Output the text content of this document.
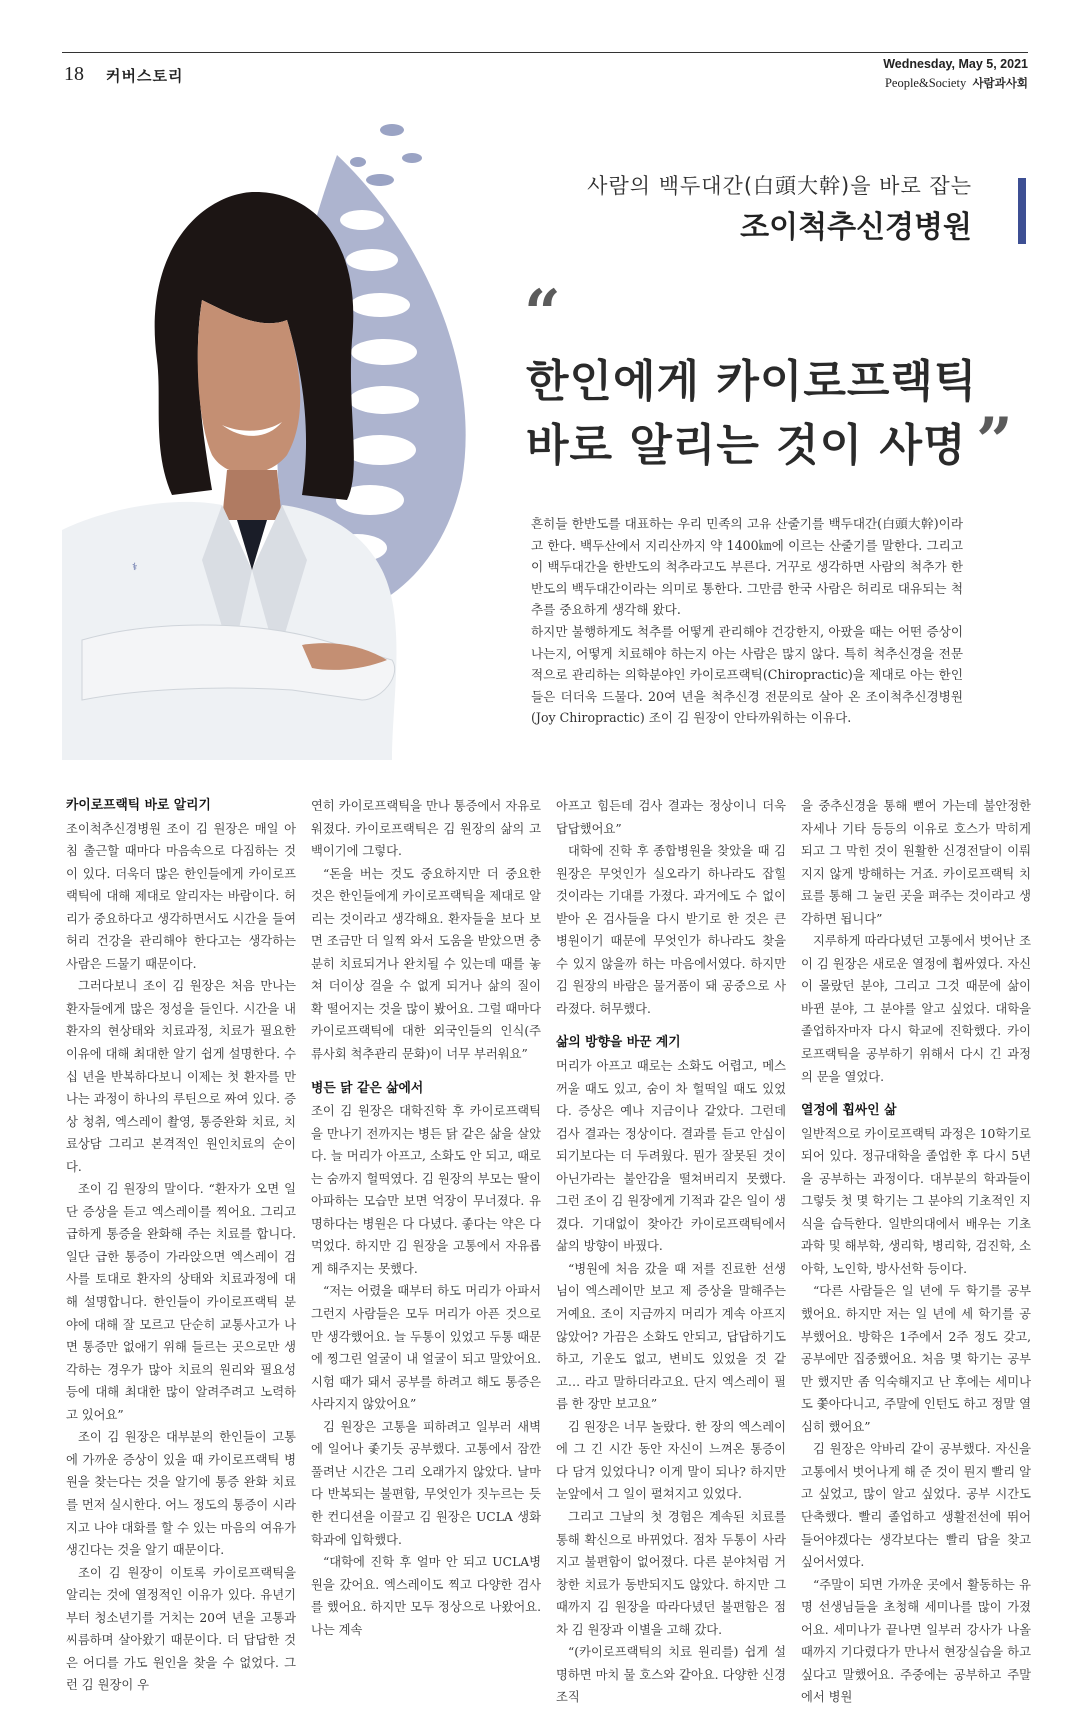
18 커버스토리
Wednesday, May 5, 2021
People&Society 사람과사회
⚕
사람의 백두대간(白頭大幹)을 바로 잡는
조이척추신경병원
“
한인에게 카이로프랙틱
바로 알리는 것이 사명 ”

흔히들 한반도를 대표하는 우리 민족의 고유 산줄기를 백두대간(白頭大幹)이라고 한다. 백두산에서 지리산까지 약 1400㎞에 이르는 산줄기를 말한다. 그리고 이 백두대간을 한반도의 척추라고도 부른다. 거꾸로 생각하면 사람의 척추가 한반도의 백두대간이라는 의미로 통한다. 그만큼 한국 사람은 허리로 대유되는 척추를 중요하게 생각해 왔다.

하지만 불행하게도 척추를 어떻게 관리해야 건강한지, 아팠을 때는 어떤 증상이 나는지, 어떻게 치료해야 하는지 아는 사람은 많지 않다. 특히 척추신경을 전문적으로 관리하는 의학분야인 카이로프랙틱(Chiropractic)을 제대로 아는 한인들은 더더욱 드물다. 20여 년을 척추신경 전문의로 살아 온 조이척추신경병원(Joy Chiropractic) 조이 김 원장이 안타까워하는 이유다.

카이로프랙틱 바로 알리기

조이척추신경병원 조이 김 원장은 매일 아침 출근할 때마다 마음속으로 다짐하는 것이 있다. 더욱더 많은 한인들에게 카이로프랙틱에 대해 제대로 알리자는 바람이다. 허리가 중요하다고 생각하면서도 시간을 들여 허리 건강을 관리해야 한다고는 생각하는 사람은 드물기 때문이다.

그러다보니 조이 김 원장은 처음 만나는 환자들에게 많은 정성을 들인다. 시간을 내 환자의 현상태와 치료과정, 치료가 필요한 이유에 대해 최대한 알기 쉽게 설명한다. 수 십 년을 반복하다보니 이제는 첫 환자를 만나는 과정이 하나의 루틴으로 짜여 있다. 증상 청취, 엑스레이 촬영, 통증완화 치료, 치료상담 그리고 본격적인 원인치료의 순이다.

조이 김 원장의 말이다. “환자가 오면 일단 증상을 듣고 엑스레이를 찍어요. 그리고 급하게 통증을 완화해 주는 치료를 합니다. 일단 급한 통증이 가라앉으면 엑스레이 검사를 토대로 환자의 상태와 치료과정에 대해 설명합니다. 한인들이 카이로프랙틱 분야에 대해 잘 모르고 단순히 교통사고가 나면 통증만 없애기 위해 들르는 곳으로만 생각하는 경우가 많아 치료의 원리와 필요성 등에 대해 최대한 많이 알려주려고 노력하고 있어요”

조이 김 원장은 대부분의 한인들이 고통에 가까운 증상이 있을 때 카이로프랙틱 병원을 찾는다는 것을 알기에 통증 완화 치료를 먼저 실시한다. 어느 정도의 통증이 시라지고 나야 대화를 할 수 있는 마음의 여유가 생긴다는 것을 알기 때문이다.

조이 김 원장이 이토록 카이로프랙틱을 알리는 것에 열정적인 이유가 있다. 유년기부터 청소년기를 거치는 20여 년을 고통과 씨름하며 살아왔기 때문이다. 더 답답한 것은 어디를 가도 원인을 찾을 수 없었다. 그런 김 원장이 우

연히 카이로프랙틱을 만나 통증에서 자유로워졌다. 카이로프랙틱은 김 원장의 삶의 고백이기에 그렇다.

“돈을 버는 것도 중요하지만 더 중요한 것은 한인들에게 카이로프랙틱을 제대로 알리는 것이라고 생각해요. 환자들을 보다 보면 조금만 더 일찍 와서 도움을 받았으면 충분히 치료되거나 완치될 수 있는데 때를 놓쳐 더이상 걸을 수 없게 되거나 삶의 질이 확 떨어지는 것을 많이 봤어요. 그럴 때마다 카이로프랙틱에 대한 외국인들의 인식(주류사회 척추관리 문화)이 너무 부러워요”

병든 닭 같은 삶에서

조이 김 원장은 대학진학 후 카이로프랙틱을 만나기 전까지는 병든 닭 같은 삶을 살았다. 늘 머리가 아프고, 소화도 안 되고, 때로는 숨까지 헐떡였다. 김 원장의 부모는 딸이 아파하는 모습만 보면 억장이 무너졌다. 유명하다는 병원은 다 다녔다. 좋다는 약은 다 먹었다. 하지만 김 원장을 고통에서 자유롭게 해주지는 못했다.

“저는 어렸을 때부터 하도 머리가 아파서 그런지 사람들은 모두 머리가 아픈 것으로만 생각했어요. 늘 두통이 있었고 두통 때문에 찡그린 얼굴이 내 얼굴이 되고 말았어요. 시험 때가 돼서 공부를 하려고 해도 통증은 사라지지 않았어요”

김 원장은 고통을 피하려고 일부러 새벽에 일어나 좇기듯 공부했다. 고통에서 잠깐 풀려난 시간은 그리 오래가지 않았다. 날마다 반복되는 불편함, 무엇인가 짓누르는 듯한 컨디션을 이끌고 김 원장은 UCLA 생화학과에 입학했다.

“대학에 진학 후 얼마 안 되고 UCLA병원을 갔어요. 엑스레이도 찍고 다양한 검사를 했어요. 하지만 모두 정상으로 나왔어요. 나는 계속

아프고 힘든데 검사 결과는 정상이니 더욱 답답했어요”

대학에 진학 후 종합병원을 찾았을 때 김 원장은 무엇인가 실오라기 하나라도 잡힐 것이라는 기대를 가졌다. 과거에도 수 없이 받아 온 검사들을 다시 받기로 한 것은 큰 병원이기 때문에 무엇인가 하나라도 찾을 수 있지 않을까 하는 마음에서였다. 하지만 김 원장의 바람은 물거품이 돼 공중으로 사라졌다. 허무했다.

삶의 방향을 바꾼 계기

머리가 아프고 때로는 소화도 어렵고, 메스꺼울 때도 있고, 숨이 차 헐떡일 때도 있었다. 증상은 예나 지금이나 같았다. 그런데 검사 결과는 정상이다. 결과를 듣고 안심이 되기보다는 더 두려웠다. 뭔가 잘못된 것이 아닌가라는 불안감을 떨쳐버리지 못했다. 그런 조이 김 원장에게 기적과 같은 일이 생겼다. 기대없이 찾아간 카이로프랙틱에서 삶의 방향이 바꿨다.

“병원에 처음 갔을 때 저를 진료한 선생님이 엑스레이만 보고 제 증상을 말해주는 거예요. 조이 지금까지 머리가 계속 아프지 않았어? 가끔은 소화도 안되고, 답답하기도 하고, 기운도 없고, 변비도 있었을 것 같고… 라고 말하더라고요. 단지 엑스레이 필름 한 장만 보고요”

김 원장은 너무 놀랐다. 한 장의 엑스레이에 그 긴 시간 동안 자신이 느껴온 통증이 다 담겨 있었다니? 이게 말이 되나? 하지만 눈앞에서 그 일이 펼쳐지고 있었다.

그리고 그날의 첫 경험은 계속된 치료를 통해 확신으로 바뀌었다. 점차 두통이 사라지고 불편함이 없어졌다. 다른 분야처럼 거창한 치료가 동반되지도 않았다. 하지만 그 때까지 김 원장을 따라다녔던 불편함은 점차 김 원장과 이별을 고해 갔다.

“(카이로프랙틱의 치료 원리를) 쉽게 설명하면 마치 물 호스와 같아요. 다양한 신경조직

을 중추신경을 통해 뻗어 가는데 불안정한 자세나 기타 등등의 이유로 호스가 막히게 되고 그 막힌 것이 원활한 신경전달이 이뤄지지 않게 방해하는 거죠. 카이로프랙틱 치료를 통해 그 눌린 곳을 펴주는 것이라고 생각하면 됩니다”

지루하게 따라다녔던 고통에서 벗어난 조이 김 원장은 새로운 열정에 휩싸였다. 자신이 몰랐던 분야, 그리고 그것 때문에 삶이 바뀐 분야, 그 분야를 알고 싶었다. 대학을 졸업하자마자 다시 학교에 진학했다. 카이로프랙틱을 공부하기 위해서 다시 긴 과정의 문을 열었다.

열정에 휩싸인 삶

일반적으로 카이로프랙틱 과정은 10학기로 되어 있다. 정규대학을 졸업한 후 다시 5년을 공부하는 과정이다. 대부분의 학과들이 그렇듯 첫 몇 학기는 그 분야의 기초적인 지식을 습득한다. 일반의대에서 배우는 기초과학 및 해부학, 생리학, 병리학, 검진학, 소아학, 노인학, 방사선학 등이다.

“다른 사람들은 일 년에 두 학기를 공부했어요. 하지만 저는 일 년에 세 학기를 공부했어요. 방학은 1주에서 2주 정도 갖고, 공부에만 집중했어요. 처음 몇 학기는 공부만 했지만 좀 익숙해지고 난 후에는 세미나도 쫓아다니고, 주말에 인턴도 하고 정말 열심히 했어요”

김 원장은 악바리 같이 공부했다. 자신을 고통에서 벗어나게 해 준 것이 뭔지 빨리 알고 싶었고, 많이 알고 싶었다. 공부 시간도 단축했다. 빨리 졸업하고 생활전선에 뛰어들어야겠다는 생각보다는 빨리 답을 찾고 싶어서였다.

“주말이 되면 가까운 곳에서 활동하는 유명 선생님들을 초청해 세미나를 많이 가졌어요. 세미나가 끝나면 일부러 강사가 나올 때까지 기다렸다가 만나서 현장실습을 하고 싶다고 말했어요. 주중에는 공부하고 주말에서 병원
